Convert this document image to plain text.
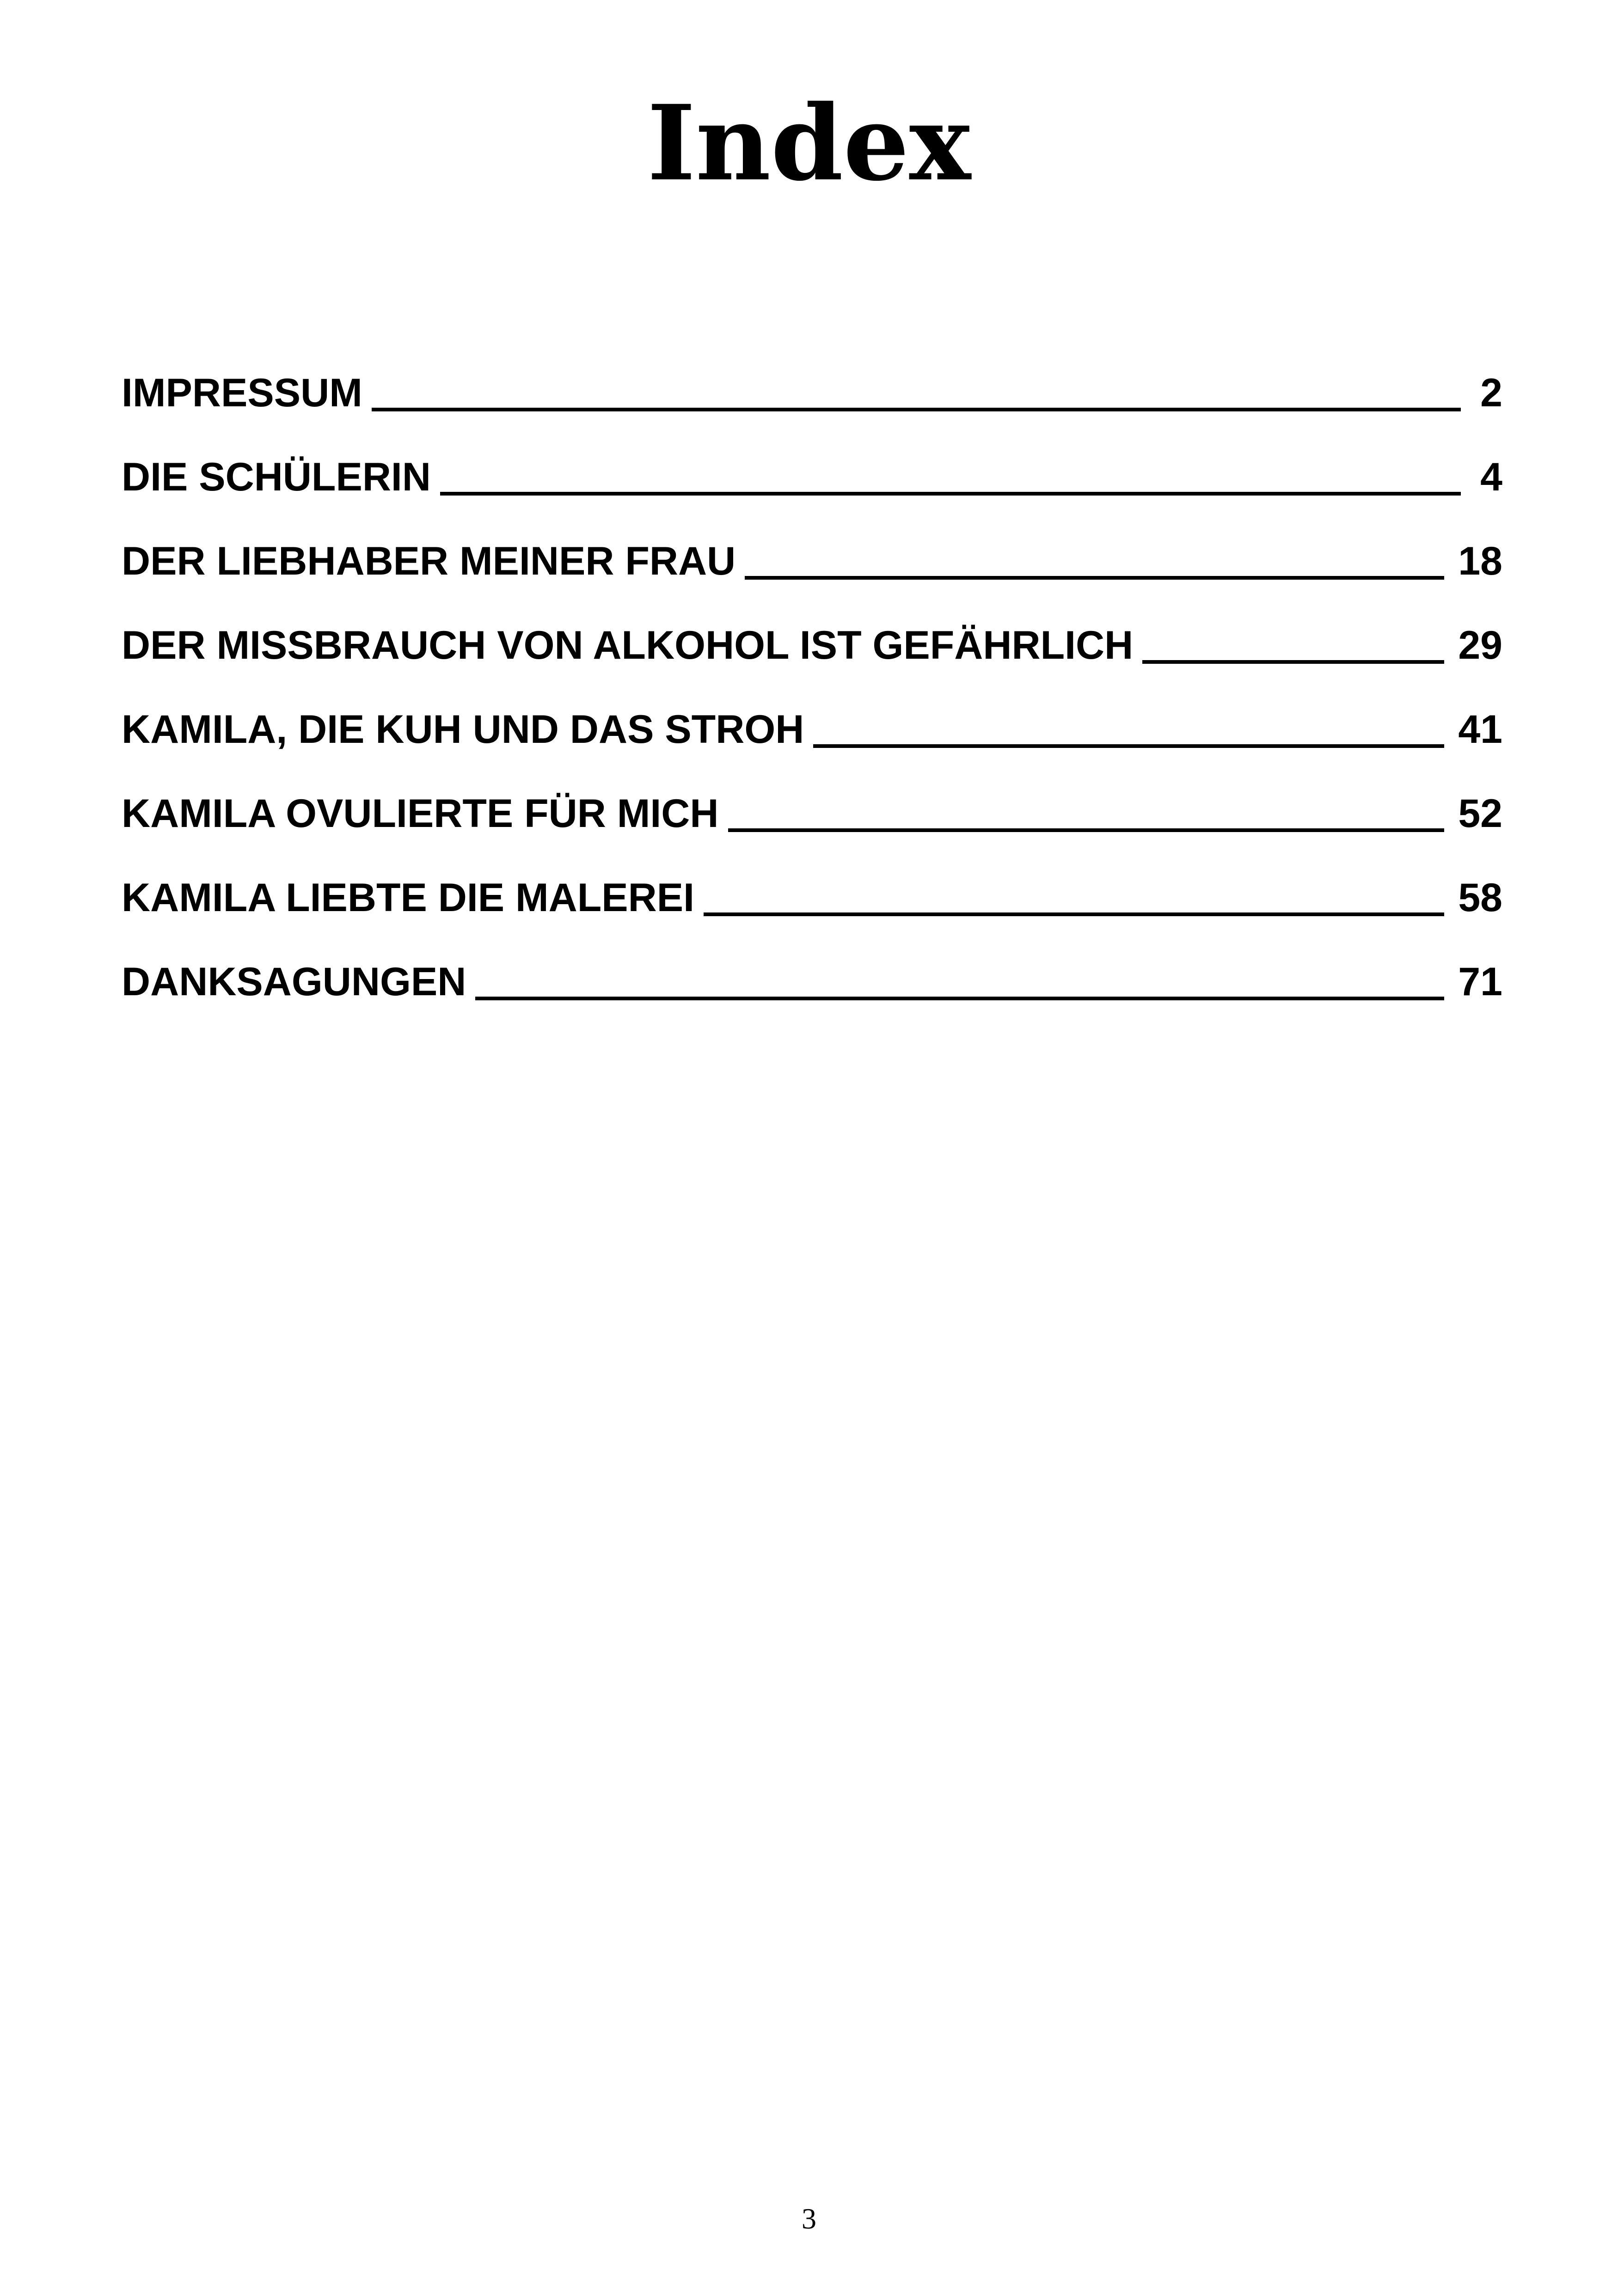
Index
IMPRESSUM	2
DIE SCHÜLERIN	4
DER LIEBHABER MEINER FRAU	18
DER MISSBRAUCH VON ALKOHOL IST GEFÄHRLICH	29
KAMILA, DIE KUH UND DAS STROH	41
KAMILA OVULIERTE FÜR MICH	52
KAMILA LIEBTE DIE MALEREI	58
DANKSAGUNGEN	71
3
